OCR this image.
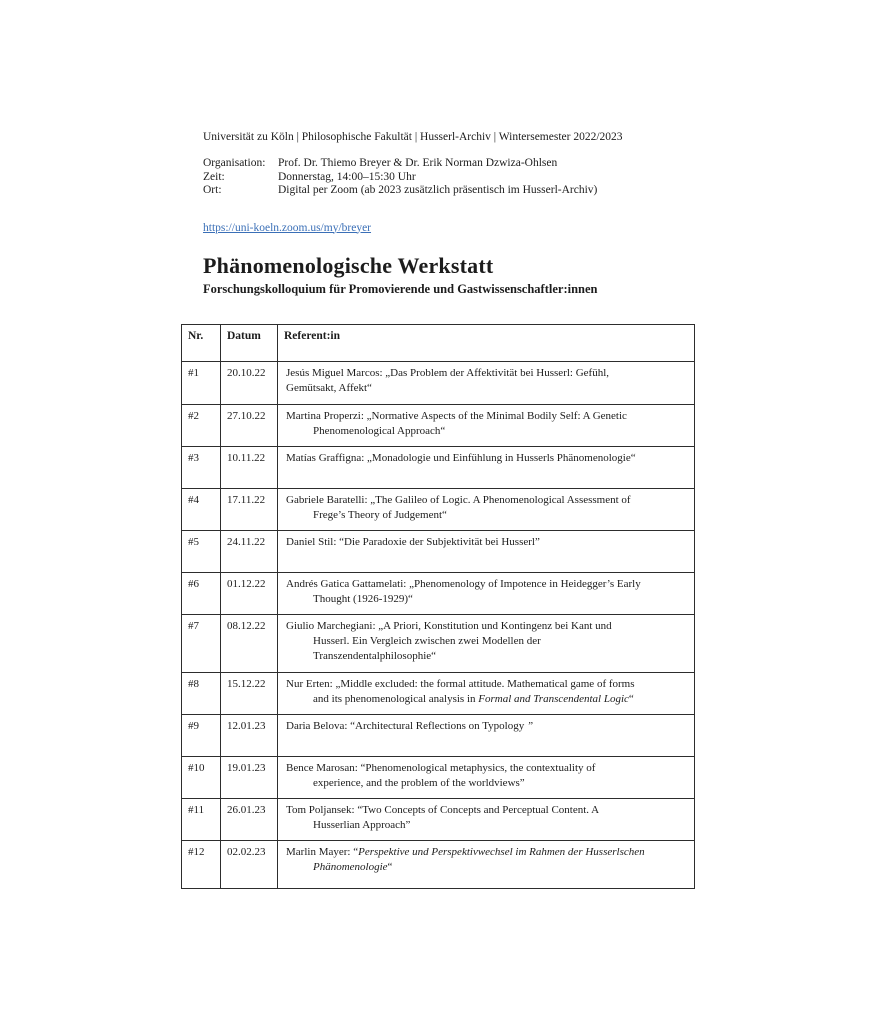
Universität zu Köln | Philosophische Fakultät | Husserl-Archiv | Wintersemester 2022/2023
Organisation:	Prof. Dr. Thiemo Breyer & Dr. Erik Norman Dzwiza-Ohlsen
Zeit:	Donnerstag, 14:00–15:30 Uhr
Ort:	Digital per Zoom (ab 2023 zusätzlich präsentisch im Husserl-Archiv)
https://uni-koeln.zoom.us/my/breyer
Phänomenologische Werkstatt
Forschungskolloquium für Promovierende und Gastwissenschaftler:innen
Nr.	Datum	Referent:in
#1	20.10.22	Jesús Miguel Marcos: „Das Problem der Affektivität bei Husserl: Gefühl,
Gemütsakt, Affekt“

#2	27.10.22	Martina Properzi: „Normative Aspects of the Minimal Bodily Self: A Genetic
Phenomenological Approach“

#3	10.11.22	Matías Graffigna: „Monadologie und Einfühlung in Husserls Phänomenologie“

#4	17.11.22	Gabriele Baratelli: „The Galileo of Logic. A Phenomenological Assessment of
Frege’s Theory of Judgement“

#5	24.11.22	Daniel Stil: “Die Paradoxie der Subjektivität bei Husserl”

#6	01.12.22	Andrés Gatica Gattamelati: „Phenomenology of Impotence in Heidegger’s Early
Thought (1926-1929)“

#7	08.12.22	Giulio Marchegiani: „A Priori, Konstitution und Kontingenz bei Kant und
Husserl. Ein Vergleich zwischen zwei Modellen der
Transzendentalphilosophie“

#8	15.12.22	Nur Erten: „Middle excluded: the formal attitude. Mathematical game of forms
and its phenomenological analysis in Formal and Transcendental Logic“

#9	12.01.23	Daria Belova: “Architectural Reflections on Typology ”

#10	19.01.23	Bence Marosan: “Phenomenological metaphysics, the contextuality of
experience, and the problem of the worldviews”

#11	26.01.23	Tom Poljansek: “Two Concepts of Concepts and Perceptual Content. A
Husserlian Approach”

#12	02.02.23	Marlin Mayer: “Perspektive und Perspektivwechsel im Rahmen der Husserlschen
Phänomenologie“
